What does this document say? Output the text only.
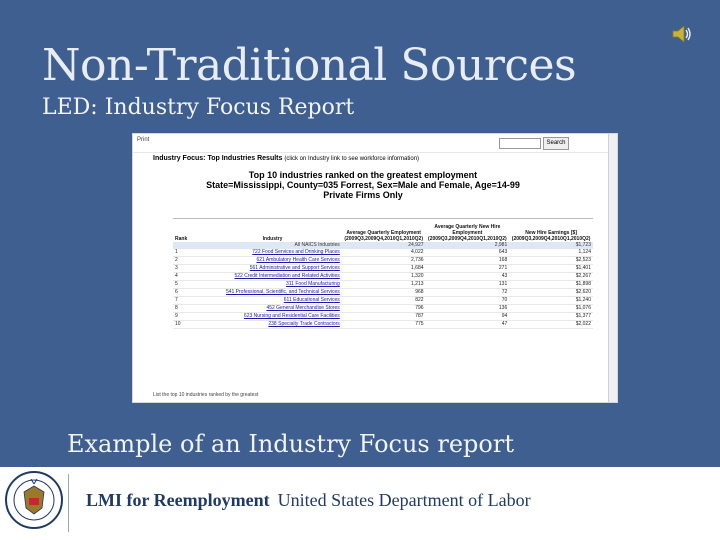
Non-Traditional Sources
LED: Industry Focus Report
Print	Search
Industry Focus: Top Industries Results (click on Industry link to see workforce information)
Top 10 industries ranked on the greatest employment
State=Mississippi, County=035 Forrest, Sex=Male and Female, Age=14-99
Private Firms Only
Rank	Industry	Average Quarterly Employment (2009Q3,2009Q4,2010Q1,2010Q2)	Average Quarterly New Hire Employment (2009Q3,2009Q4,2010Q1,2010Q2)	New Hire Earnings [$] (2009Q3,2009Q4,2010Q1,2010Q2)
	All NAICS Industries	24,927	2,981	$1,723
1	722 Food Services and Drinking Places	4,022	643	1,124
2	621 Ambulatory Health Care Services	2,736	168	$2,523
3	561 Administrative and Support Services	1,684	271	$1,401
4	522 Credit Intermediation and Related Activities	1,320	43	$2,267
5	311 Food Manufacturing	1,213	131	$1,898
6	541 Professional, Scientific, and Technical Services	968	72	$2,620
7	611 Educational Services	822	70	$1,240
8	452 General Merchandise Stores	796	136	$1,076
9	623 Nursing and Residential Care Facilities	787	94	$1,377
10	238 Specialty Trade Contractors	775	47	$2,022
List the top 10 industries ranked by the greatest
Example of an Industry Focus report
LMI for Reemployment United States Department of Labor
